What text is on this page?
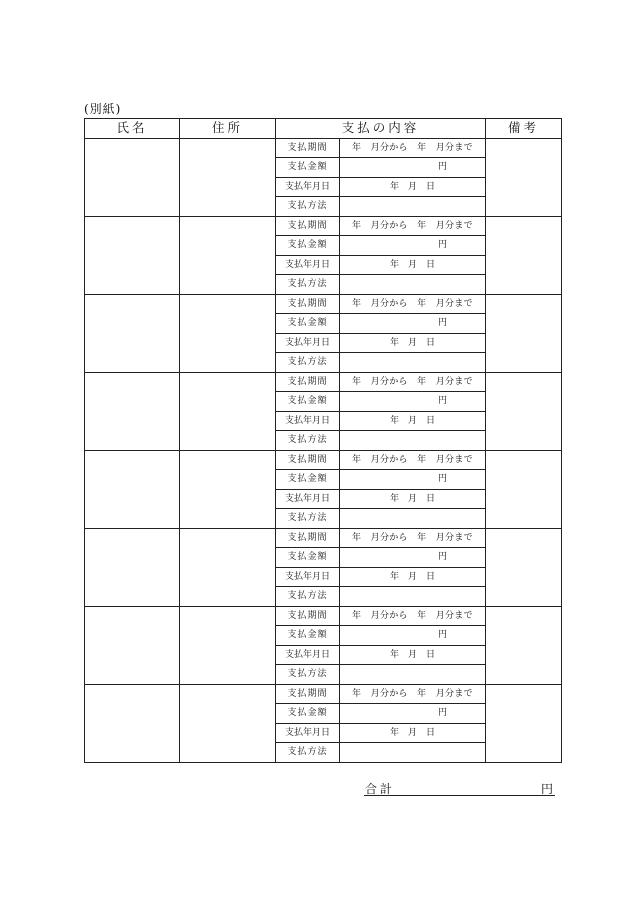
(別紙)
氏名	住所	支払の内容		備考
		支払期間	年　月分から　年　月分まで	
		支払金額	円	
		支払年月日	年　月　日	
		支払方法		
		支払期間	年　月分から　年　月分まで	
		支払金額	円	
		支払年月日	年　月　日	
		支払方法		
		支払期間	年　月分から　年　月分まで	
		支払金額	円	
		支払年月日	年　月　日	
		支払方法		
		支払期間	年　月分から　年　月分まで	
		支払金額	円	
		支払年月日	年　月　日	
		支払方法		
		支払期間	年　月分から　年　月分まで	
		支払金額	円	
		支払年月日	年　月　日	
		支払方法		
		支払期間	年　月分から　年　月分まで	
		支払金額	円	
		支払年月日	年　月　日	
		支払方法		
		支払期間	年　月分から　年　月分まで	
		支払金額	円	
		支払年月日	年　月　日	
		支払方法		
		支払期間	年　月分から　年　月分まで	
		支払金額	円	
		支払年月日	年　月　日	
		支払方法		
合計	円
